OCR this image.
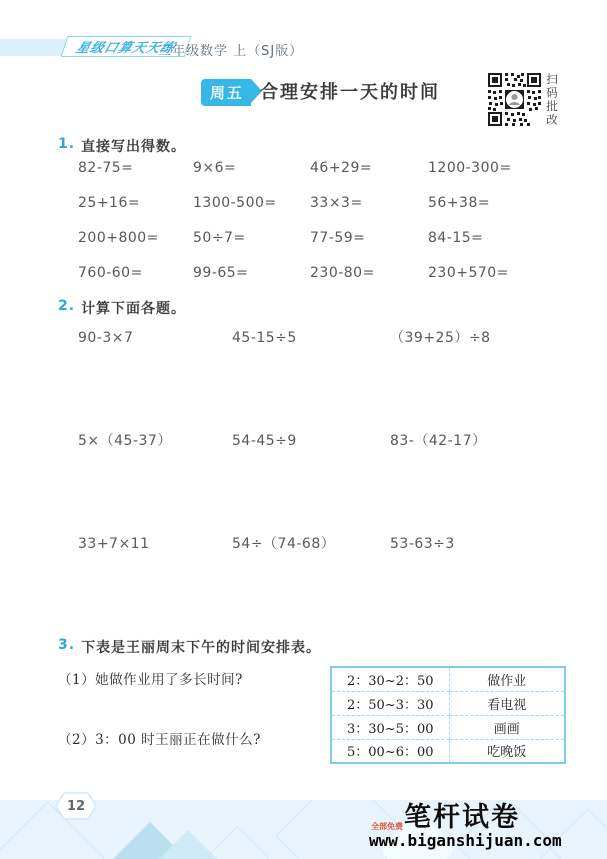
星级口算天天练
三年级数学 上（SJ版）
周五 合理安排一天的时间	扫码批改
1. 直接写出得数。
82-75=	9×6=	46+29=	1200-300=
25+16=	1300-500=	33×3=	56+38=
200+800=	50÷7=	77-59=	84-15=
760-60=	99-65=	230-80=	230+570=
2. 计算下面各题。
90-3×7	45-15÷5	（39+25）÷8
5×（45-37）	54-45÷9	83-（42-17）
33+7×11	54÷（74-68）	53-63÷3
3. 下表是王丽周末下午的时间安排表。
（1）她做作业用了多长时间?
（2）3：00 时王丽正在做什么?
2：30~2：50	做作业
2：50~3：30	看电视
3：30~5：00	画画
5：00~6：00	吃晚饭
12	笔杆试卷
全部免费
www.biganshijuan.com
